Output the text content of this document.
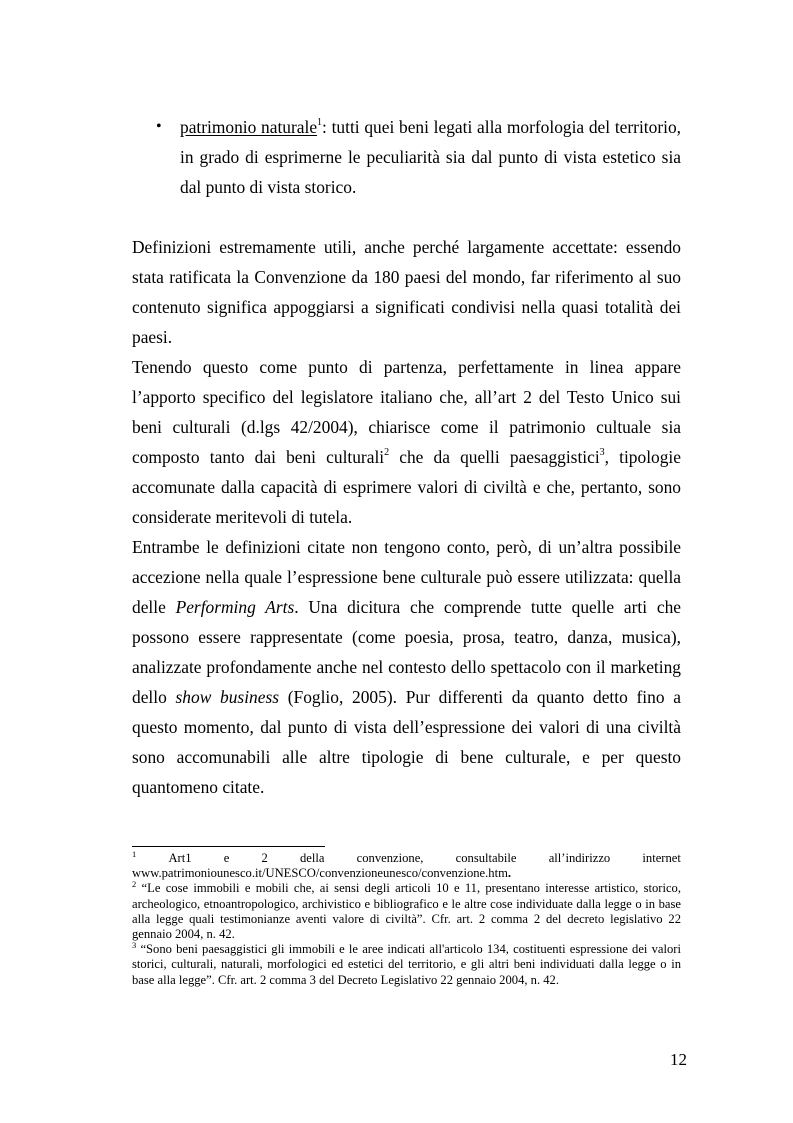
• patrimonio naturale$^1$: tutti quei beni legati alla morfologia del territorio, in grado di esprimerne le peculiarità sia dal punto di vista estetico sia dal punto di vista storico.

Definizioni estremamente utili, anche perché largamente accettate: essendo stata ratificata la Convenzione da 180 paesi del mondo, far riferimento al suo contenuto significa appoggiarsi a significati condivisi nella quasi totalità dei paesi.

Tenendo questo come punto di partenza, perfettamente in linea appare l’apporto specifico del legislatore italiano che, all’art 2 del Testo Unico sui beni culturali (d.lgs 42/2004), chiarisce come il patrimonio cultuale sia composto tanto dai beni culturali$^2$ che da quelli paesaggistici$^3$, tipologie accomunate dalla capacità di esprimere valori di civiltà e che, pertanto, sono considerate meritevoli di tutela.

Entrambe le definizioni citate non tengono conto, però, di un’altra possibile accezione nella quale l’espressione bene culturale può essere utilizzata: quella delle Performing Arts. Una dicitura che comprende tutte quelle arti che possono essere rappresentate (come poesia, prosa, teatro, danza, musica), analizzate profondamente anche nel contesto dello spettacolo con il marketing dello show business (Foglio, 2005). Pur differenti da quanto detto fino a questo momento, dal punto di vista dell’espressione dei valori di una civiltà sono accomunabili alle altre tipologie di bene culturale, e per questo quantomeno citate.

$^1$	Art1	e	2	della	convenzione,	consultabile	all’indirizzo	internet
www.patrimoniounesco.it/UNESCO/convenzioneunesco/convenzione.htm.

$^2$ “Le cose immobili e mobili che, ai sensi degli articoli 10 e 11, presentano interesse artistico, storico, archeologico, etnoantropologico, archivistico e bibliografico e le altre cose individuate dalla legge o in base alla legge quali testimonianze aventi valore di civiltà”. Cfr. art. 2 comma 2 del decreto legislativo 22 gennaio 2004, n. 42.

$^3$ “Sono beni paesaggistici gli immobili e le aree indicati all'articolo 134, costituenti espressione dei valori storici, culturali, naturali, morfologici ed estetici del territorio, e gli altri beni individuati dalla legge o in base alla legge”. Cfr. art. 2 comma 3 del Decreto Legislativo 22 gennaio 2004, n. 42.

12
